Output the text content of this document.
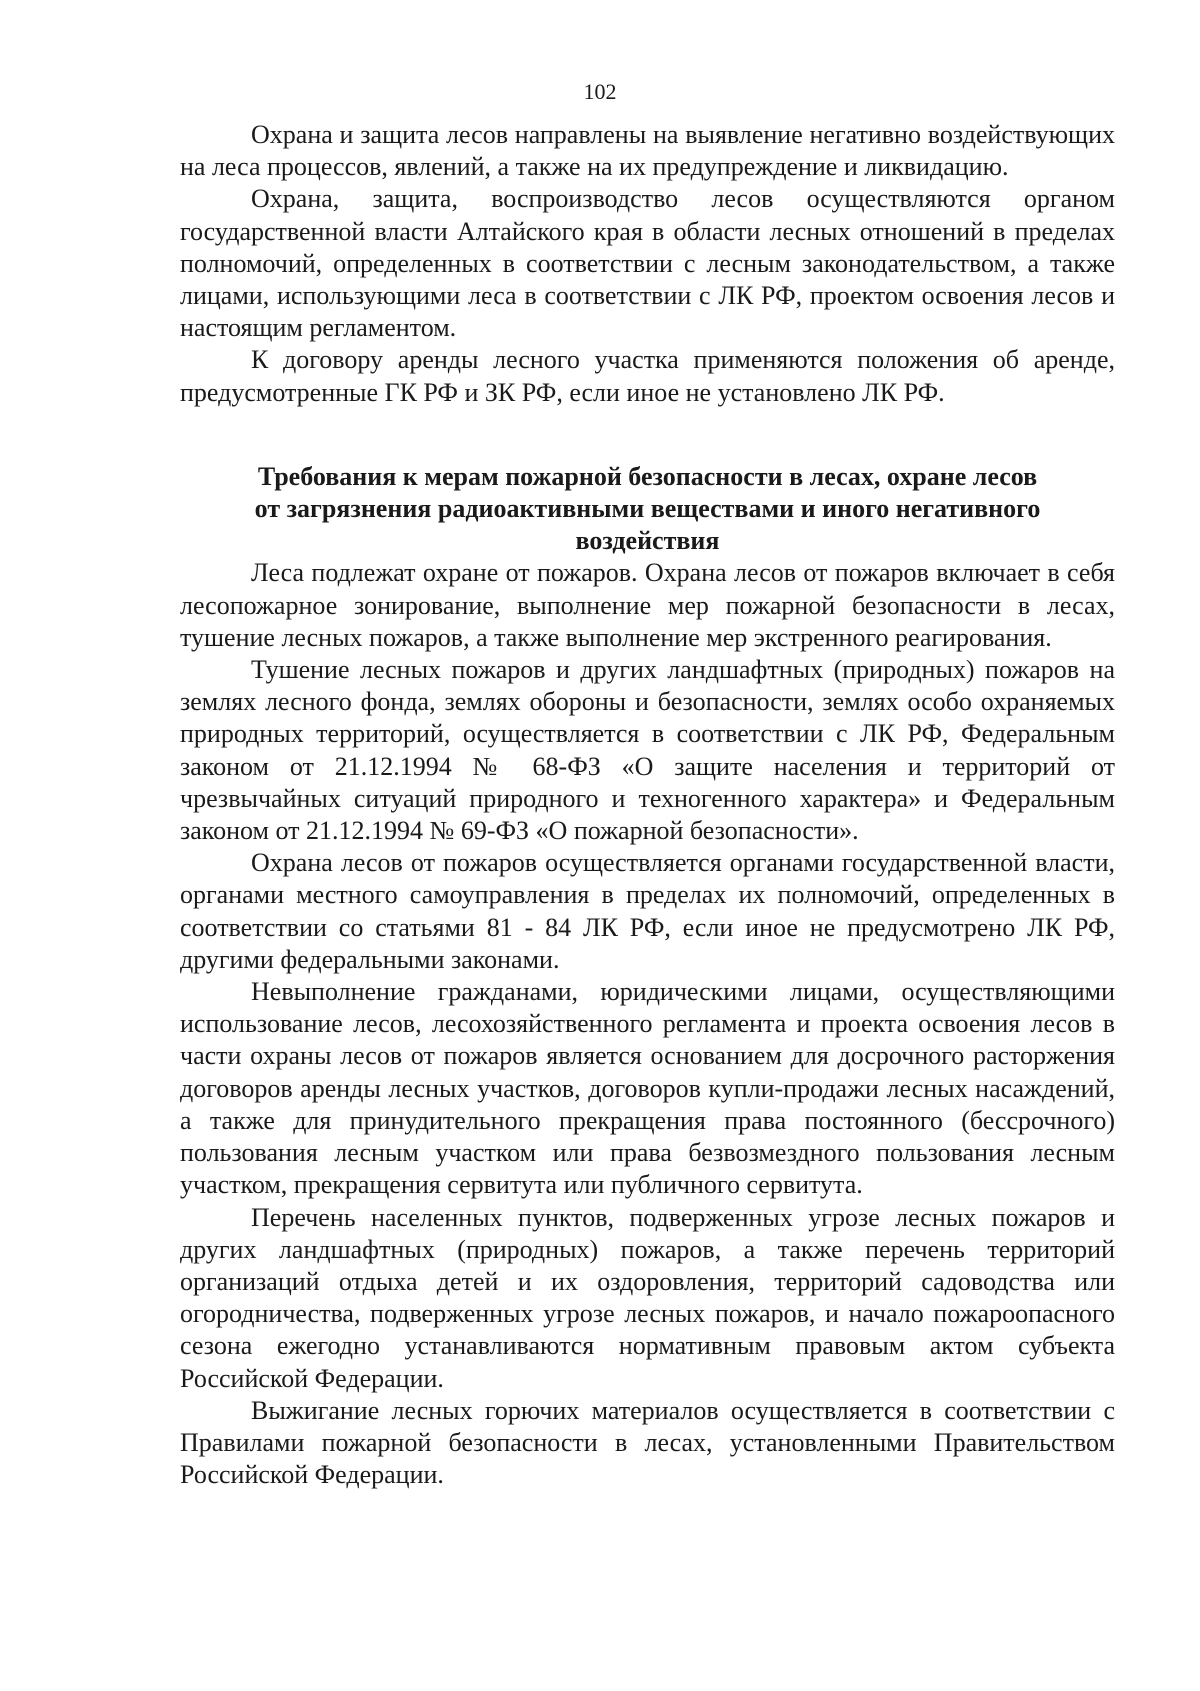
102

Охрана и защита лесов направлены на выявление негативно воздействующих на леса процессов, явлений, а также на их предупреждение и ликвидацию.

Охрана, защита, воспроизводство лесов осуществляются органом государственной власти Алтайского края в области лесных отношений в пределах полномочий, определенных в соответствии с лесным законодательством, а также лицами, использующими леса в соответствии с ЛК РФ, проектом освоения лесов и настоящим регламентом.

К договору аренды лесного участка применяются положения об аренде, предусмотренные ГК РФ и ЗК РФ, если иное не установлено ЛК РФ.

Требования к мерам пожарной безопасности в лесах, охране лесов
от загрязнения радиоактивными веществами и иного негативного
воздействия

Леса подлежат охране от пожаров. Охрана лесов от пожаров включает в себя лесопожарное зонирование, выполнение мер пожарной безопасности в лесах, тушение лесных пожаров, а также выполнение мер экстренного реагирования.

Тушение лесных пожаров и других ландшафтных (природных) пожаров на землях лесного фонда, землях обороны и безопасности, землях особо охраняемых природных территорий, осуществляется в соответствии с ЛК РФ, Федеральным законом от 21.12.1994 № 68-ФЗ «О защите населения и территорий от чрезвычайных ситуаций природного и техногенного характера» и Федеральным законом от 21.12.1994 № 69-ФЗ «О пожарной безопасности».

Охрана лесов от пожаров осуществляется органами государственной власти, органами местного самоуправления в пределах их полномочий, определенных в соответствии со статьями 81 - 84 ЛК РФ, если иное не предусмотрено ЛК РФ, другими федеральными законами.

Невыполнение гражданами, юридическими лицами, осуществляющими использование лесов, лесохозяйственного регламента и проекта освоения лесов в части охраны лесов от пожаров является основанием для досрочного расторжения договоров аренды лесных участков, договоров купли-продажи лесных насаждений, а также для принудительного прекращения права постоянного (бессрочного) пользования лесным участком или права безвозмездного пользования лесным участком, прекращения сервитута или публичного сервитута.

Перечень населенных пунктов, подверженных угрозе лесных пожаров и других ландшафтных (природных) пожаров, а также перечень территорий организаций отдыха детей и их оздоровления, территорий садоводства или огородничества, подверженных угрозе лесных пожаров, и начало пожароопасного сезона ежегодно устанавливаются нормативным правовым актом субъекта Российской Федерации.

Выжигание лесных горючих материалов осуществляется в соответствии с Правилами пожарной безопасности в лесах, установленными Правительством Российской Федерации.
